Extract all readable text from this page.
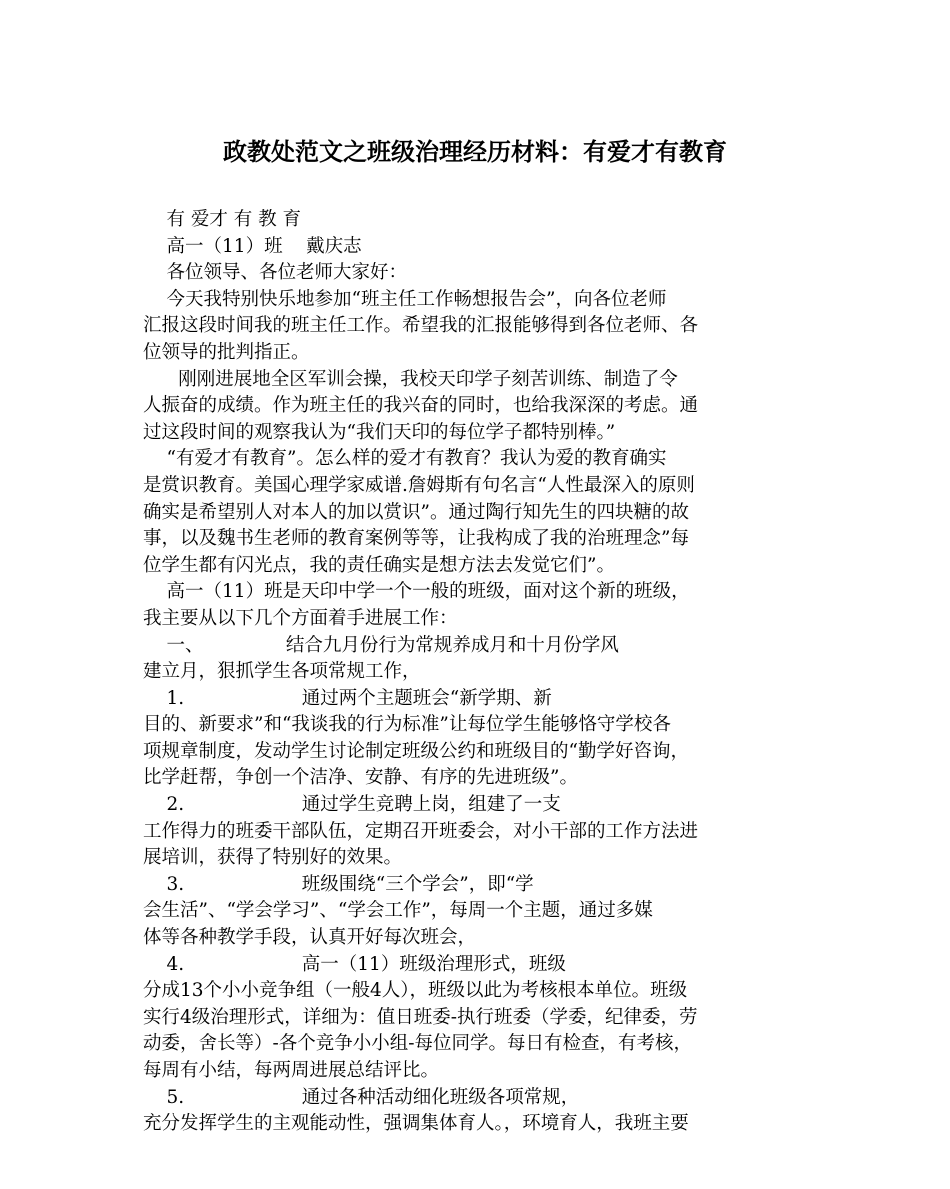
政教处范文之班级治理经历材料：有爱才有教育
有 爱才 有 教 育
高一（11）班    戴庆志
各位领导、各位老师大家好：
今天我特别快乐地参加“班主任工作畅想报告会”，向各位老师
汇报这段时间我的班主任工作。希望我的汇报能够得到各位老师、各
位领导的批判指正。
刚刚进展地全区军训会操，我校天印学子刻苦训练、制造了令
人振奋的成绩。作为班主任的我兴奋的同时，也给我深深的考虑。通
过这段时间的观察我认为“我们天印的每位学子都特别棒。”
“有爱才有教育”。怎么样的爱才有教育？我认为爱的教育确实
是赏识教育。美国心理学家威谱.詹姆斯有句名言“人性最深入的原则
确实是希望别人对本人的加以赏识”。通过陶行知先生的四块糖的故
事，以及魏书生老师的教育案例等等，让我构成了我的治班理念”每
位学生都有闪光点，我的责任确实是想方法去发觉它们”。
高一（11）班是天印中学一个一般的班级，面对这个新的班级，
我主要从以下几个方面着手进展工作：
一、              结合九月份行为常规养成月和十月份学风
建立月，狠抓学生各项常规工作，
1.                    通过两个主题班会“新学期、新
目的、新要求”和“我谈我的行为标准”让每位学生能够恪守学校各
项规章制度，发动学生讨论制定班级公约和班级目的“勤学好咨询，
比学赶帮，争创一个洁净、安静、有序的先进班级”。
2.                    通过学生竞聘上岗，组建了一支
工作得力的班委干部队伍，定期召开班委会，对小干部的工作方法进
展培训，获得了特别好的效果。
3.                    班级围绕“三个学会”，即“学
会生活”、“学会学习”、“学会工作”，每周一个主题，通过多媒
体等各种教学手段，认真开好每次班会，
4.                    高一（11）班级治理形式，班级
分成13个小小竞争组（一般4人），班级以此为考核根本单位。班级
实行4级治理形式，详细为：值日班委-执行班委（学委，纪律委，劳
动委，舍长等）-各个竞争小小组-每位同学。每日有检查，有考核，
每周有小结，每两周进展总结评比。
5.                    通过各种活动细化班级各项常规，
充分发挥学生的主观能动性，强调集体育人。，环境育人，我班主要
